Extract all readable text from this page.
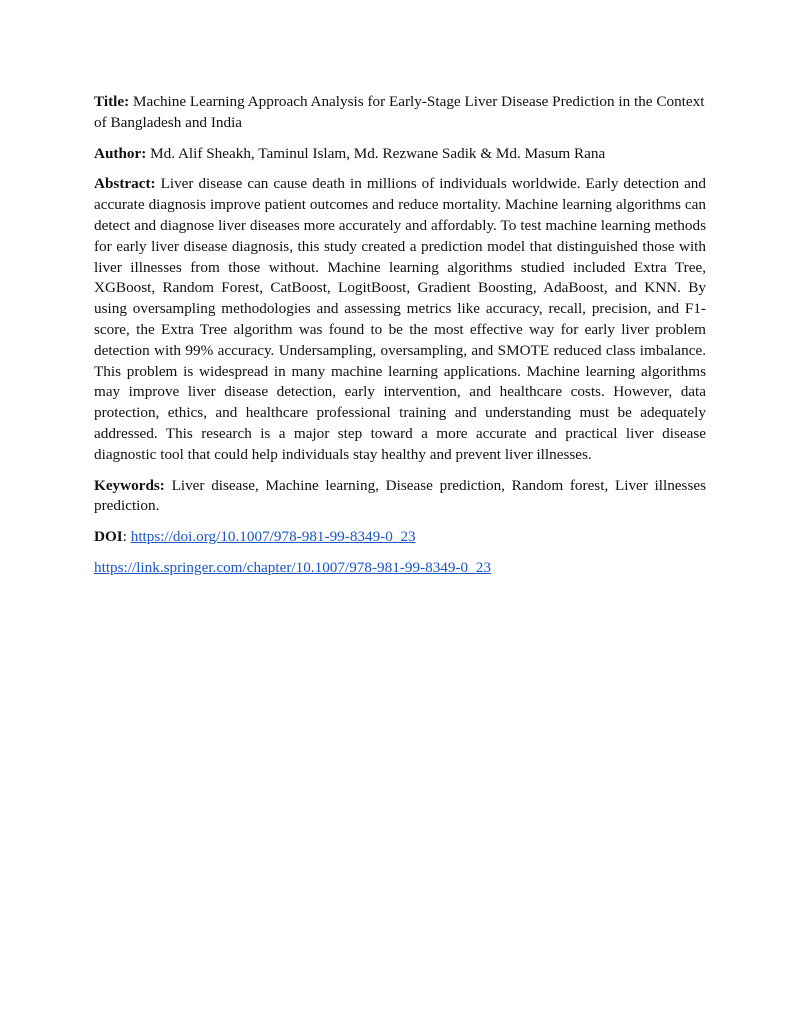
Title: Machine Learning Approach Analysis for Early-Stage Liver Disease Prediction in the Context of Bangladesh and India

Author: Md. Alif Sheakh, Taminul Islam, Md. Rezwane Sadik & Md. Masum Rana

Abstract: Liver disease can cause death in millions of individuals worldwide. Early detection and accurate diagnosis improve patient outcomes and reduce mortality. Machine learning algorithms can detect and diagnose liver diseases more accurately and affordably. To test machine learning methods for early liver disease diagnosis, this study created a prediction model that distinguished those with liver illnesses from those without. Machine learning algorithms studied included Extra Tree, XGBoost, Random Forest, CatBoost, LogitBoost, Gradient Boosting, AdaBoost, and KNN. By using oversampling methodologies and assessing metrics like accuracy, recall, precision, and F1-score, the Extra Tree algorithm was found to be the most effective way for early liver problem detection with 99% accuracy. Undersampling, oversampling, and SMOTE reduced class imbalance. This problem is widespread in many machine learning applications. Machine learning algorithms may improve liver disease detection, early intervention, and healthcare costs. However, data protection, ethics, and healthcare professional training and understanding must be adequately addressed. This research is a major step toward a more accurate and practical liver disease diagnostic tool that could help individuals stay healthy and prevent liver illnesses.

Keywords: Liver disease, Machine learning, Disease prediction, Random forest, Liver illnesses prediction.

DOI: https://doi.org/10.1007/978-981-99-8349-0_23

https://link.springer.com/chapter/10.1007/978-981-99-8349-0_23
